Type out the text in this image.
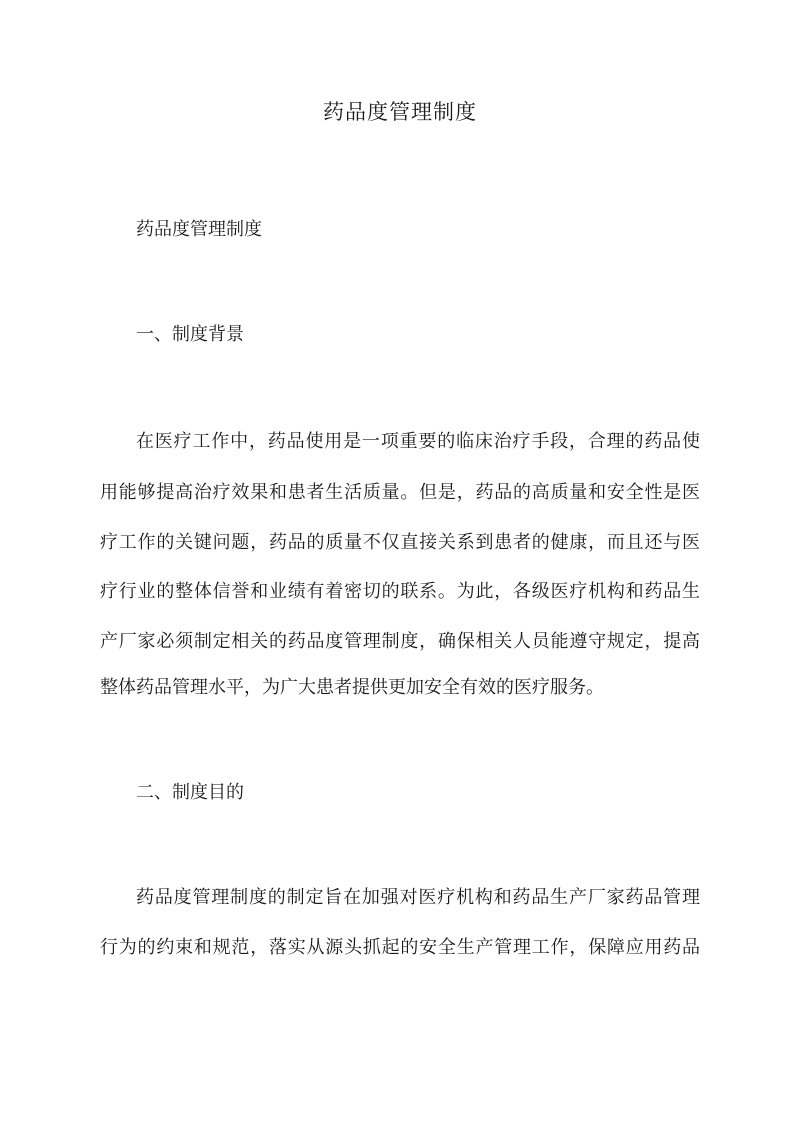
药品度管理制度

药品度管理制度

一、制度背景

在医疗工作中，药品使用是一项重要的临床治疗手段，合理的药品使

用能够提高治疗效果和患者生活质量。但是，药品的高质量和安全性是医

疗工作的关键问题，药品的质量不仅直接关系到患者的健康，而且还与医

疗行业的整体信誉和业绩有着密切的联系。为此，各级医疗机构和药品生

产厂家必须制定相关的药品度管理制度，确保相关人员能遵守规定，提高

整体药品管理水平，为广大患者提供更加安全有效的医疗服务。

二、制度目的

药品度管理制度的制定旨在加强对医疗机构和药品生产厂家药品管理

行为的约束和规范，落实从源头抓起的安全生产管理工作，保障应用药品
